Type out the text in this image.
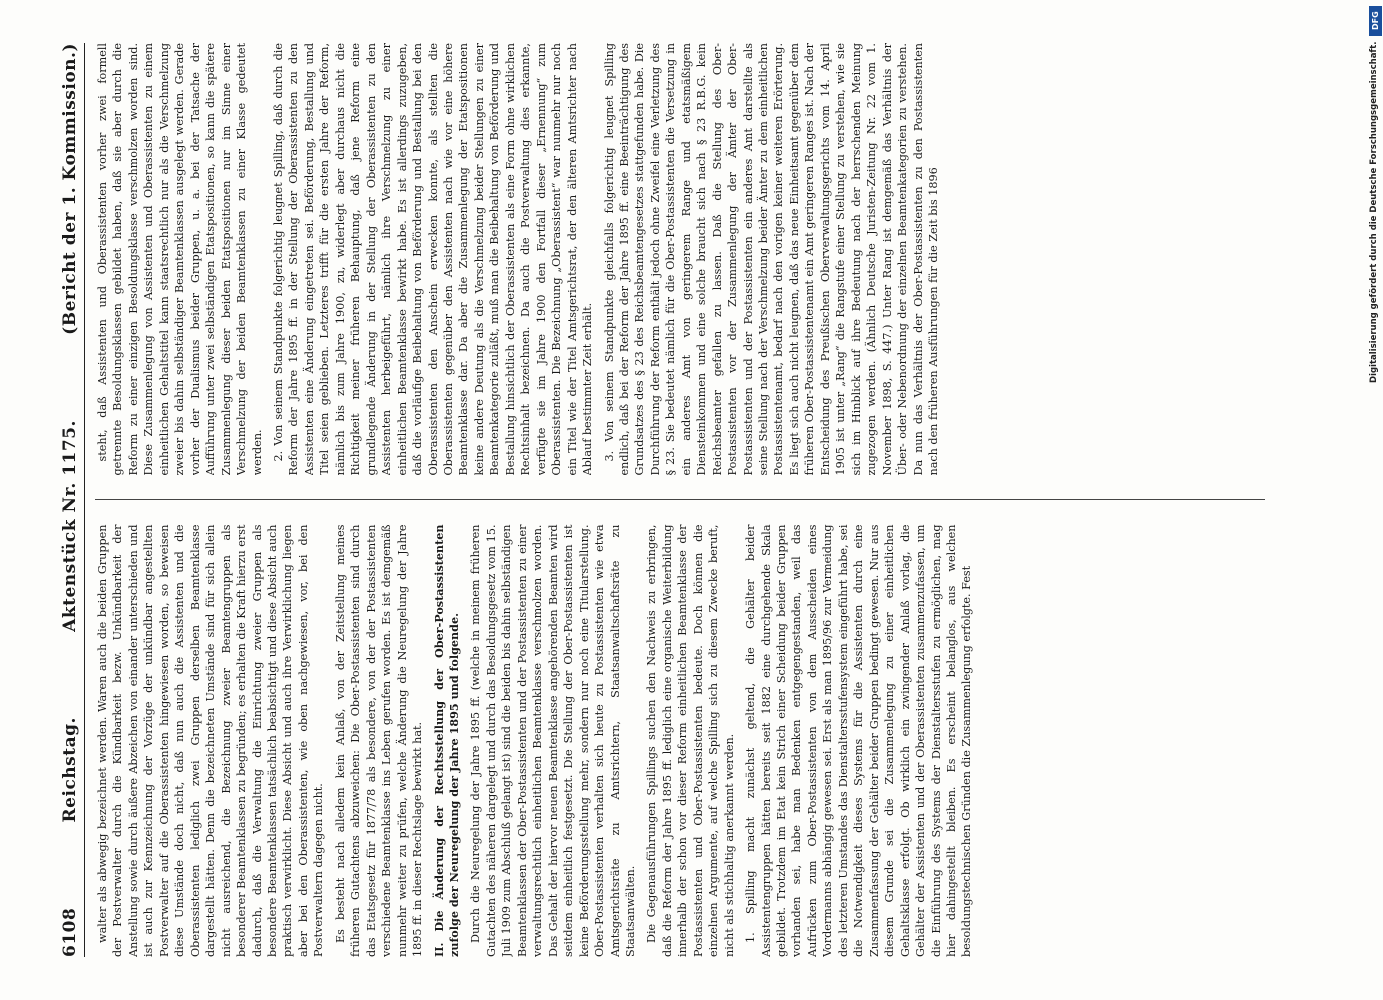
6108
Reichstag.
Aktenstück Nr. 1175.
(Bericht der 1. Kommission.)

walter als abwegig bezeichnet werden. Waren auch die beiden Gruppen der Postverwalter durch die Kündbarkeit bezw. Unkündbarkeit der Anstellung sowie durch äußere Abzeichen von einander unterschieden und ist auch zur Kennzeichnung der Vorzüge der unkündbar angestellten Postverwalter auf die Oberassistenten hingewiesen worden, so beweisen diese Umstände doch nicht, daß nun auch die Assistenten und die Oberassistenten lediglich zwei Gruppen derselben Beamtenklasse dargestellt hätten. Denn die bezeichneten Umstände sind für sich allein nicht ausreichend, die Bezeichnung zweier Beamtengruppen als besonderer Beamtenklassen zu begründen; es erhalten die Kraft hierzu erst dadurch, daß die Verwaltung die Einrichtung zweier Gruppen als besondere Beamtenklassen tatsächlich beabsichtigt und diese Absicht auch praktisch verwirklicht. Diese Absicht und auch ihre Verwirklichung liegen aber bei den Oberassistenten, wie oben nachgewiesen, vor, bei den Postverwaltern dagegen nicht. Es besteht nach alledem kein Anlaß, von der Zeitstellung meines früheren Gutachtens abzuweichen: Die Ober-Postassistenten sind durch das Etatsgesetz für 1877/78 als besondere, von der der Postassistenten verschiedene Beamtenklasse ins Leben gerufen worden. Es ist demgemäß nunmehr weiter zu prüfen, welche Änderung die Neuregelung der Jahre 1895 ff. in dieser Rechtslage bewirkt hat. II. Die Änderung der Rechtsstellung der Ober-Postassistenten zufolge der Neuregelung der Jahre 1895 und folgende. Durch die Neuregelung der Jahre 1895 ff. (welche in meinem früheren Gutachten des näheren dargelegt und durch das Besoldungsgesetz vom 15. Juli 1909 zum Abschluß gelangt ist) sind die beiden bis dahin selbständigen Beamtenklassen der Ober-Postassistenten und der Postassistenten zu einer verwaltungsrechtlich einheitlichen Beamtenklasse verschmolzen worden. Das Gehalt der hiervor neuen Beamtenklasse angehörenden Beamten wird seitdem einheitlich festgesetzt. Die Stellung der Ober-Postassistenten ist keine Beförderungsstellung mehr, sondern nur noch eine Titularstellung. Ober-Postassistenten verhalten sich heute zu Postassistenten wie etwa Amtsgerichtsräte zu Amtsrichtern, Staatsanwaltschaftsräte zu Staatsanwälten. Die Gegenausführungen Spillings suchen den Nachweis zu erbringen, daß die Reform der Jahre 1895 ff. lediglich eine organische Weiterbildung innerhalb der schon vor dieser Reform einheitlichen Beamtenklasse der Postassistenten und Ober-Postassistenten bedeute. Doch können die einzelnen Argumente, auf welche Spilling sich zu diesem Zwecke beruft, nicht als stichhaltig anerkannt werden. 1. Spilling macht zunächst geltend, die Gehälter beider Assistentengruppen hätten bereits seit 1882 eine durchgehende Skala gebildet. Trotzdem im Etat kein Strich einer Scheidung beider Gruppen vorhanden sei, habe man Bedenken entgegengestanden, weil das Aufrücken zum Ober-Postassistenten von dem Ausscheiden eines Vordermanns abhängig gewesen sei. Erst als man 1895/96 zur Vermeidung des letzteren Umstandes das Dienstaltersstufensystem eingeführt habe, sei die Notwendigkeit dieses Systems für die Assistenten durch eine Zusammenfassung der Gehälter beider Gruppen bedingt gewesen. Nur aus diesem Grunde sei die Zusammenlegung zu einer einheitlichen Gehaltsklasse erfolgt. Ob wirklich ein zwingender Anlaß vorlag, die Gehälter der Assistenten und der Oberassistenten zusammenzufassen, um die Einführung des Systems der Dienstaltersstufen zu ermöglichen, mag hier dahingestellt bleiben. Es erscheint belanglos, aus welchen besoldungstechnischen Gründen die Zusammenlegung erfolgte. Fest

steht, daß Assistenten und Oberassistenten vorher zwei formell getrennte Besoldungsklassen gebildet haben, daß sie aber durch die Reform zu einer einzigen Besoldungsklasse verschmolzen worden sind. Diese Zusammenlegung von Assistenten und Oberassistenten zu einem einheitlichen Gehaltstitel kann staatsrechtlich nur als die Verschmelzung zweier bis dahin selbständiger Beamtenklassen ausgelegt werden. Gerade vorher der Dualismus beider Gruppen, u. a. bei der Tatsache der Aufführung unter zwei selbständigen Etatspositionen, so kann die spätere Zusammenlegung dieser beiden Etatspositionen nur im Sinne einer Verschmelzung der beiden Beamtenklassen zu einer Klasse gedeutet werden. 2. Von seinem Standpunkte folgerichtig leugnet Spilling, daß durch die Reform der Jahre 1895 ff. in der Stellung der Oberassistenten zu den Assistenten eine Änderung eingetreten sei. Beförderung, Bestallung und Titel seien geblieben. Letzteres trifft für die ersten Jahre der Reform, nämlich bis zum Jahre 1900, zu, widerlegt aber durchaus nicht die Richtigkeit meiner früheren Behauptung, daß jene Reform eine grundlegende Änderung in der Stellung der Oberassistenten zu den Assistenten herbeigeführt, nämlich ihre Verschmelzung zu einer einheitlichen Beamtenklasse bewirkt habe. Es ist allerdings zuzugeben, daß die vorläufige Beibehaltung von Beförderung und Bestallung bei den Oberassistenten den Anschein erwecken konnte, als stellten die Oberassistenten gegenüber den Assistenten nach wie vor eine höhere Beamtenklasse dar. Da aber die Zusammenlegung der Etatspositionen keine andere Deutung als die Verschmelzung beider Stellungen zu einer Beamtenkategorie zuläßt, muß man die Beibehaltung von Beförderung und Bestallung hinsichtlich der Oberassistenten als eine Form ohne wirklichen Rechtsinhalt bezeichnen. Da auch die Postverwaltung dies erkannte, verfügte sie im Jahre 1900 den Fortfall dieser „Ernennung“ zum Oberassistenten. Die Bezeichnung „Oberassistent“ war nunmehr nur noch ein Titel wie der Titel Amtsgerichtsrat, der den älteren Amtsrichter nach Ablauf bestimmter Zeit erhält. 3. Von seinem Standpunkte gleichfalls folgerichtig leugnet Spilling endlich, daß bei der Reform der Jahre 1895 ff. eine Beeinträchtigung des Grundsatzes des § 23 des Reichsbeamtengesetzes stattgefunden habe. Die Durchführung der Reform enthält jedoch ohne Zweifel eine Verletzung des § 23. Sie bedeutet nämlich für die Ober-Postassistenten die Versetzung in ein anderes Amt von geringerem Range und etatsmäßigem Diensteinkommen und eine solche braucht sich nach § 23 R.B.G. kein Reichsbeamter gefallen zu lassen. Daß die Stellung des Ober-Postassistenten vor der Zusammenlegung der Ämter der Ober-Postassistenten und der Postassistenten ein anderes Amt darstellte als seine Stellung nach der Verschmelzung beider Ämter zu dem einheitlichen Postassistentenamt, bedarf nach den vorigen keiner weiteren Erörterung. Es liegt sich auch nicht leugnen, daß das neue Einheitsamt gegenüber dem früheren Ober-Postassistentenamt ein Amt geringeren Ranges ist. Nach der Entscheidung des Preußischen Oberverwaltungsgerichts vom 14. April 1905 ist unter „Rang“ die Rangstufe einer Stellung zu verstehen, wie sie sich im Hinblick auf ihre Bedeutung nach der herrschenden Meinung zugezogen werden. (Ähnlich Deutsche Juristen-Zeitung Nr. 22 vom 1. November 1898, S. 447.) Unter Rang ist demgemäß das Verhältnis der Über- oder Nebenordnung der einzelnen Beamtenkategorien zu verstehen. Da nun das Verhältnis der Ober-Postassistenten zu den Postassistenten nach den früheren Ausführungen für die Zeit bis 1896

DFG
Digitalisierung gefördert durch die Deutsche Forschungsgemeinschaft.
